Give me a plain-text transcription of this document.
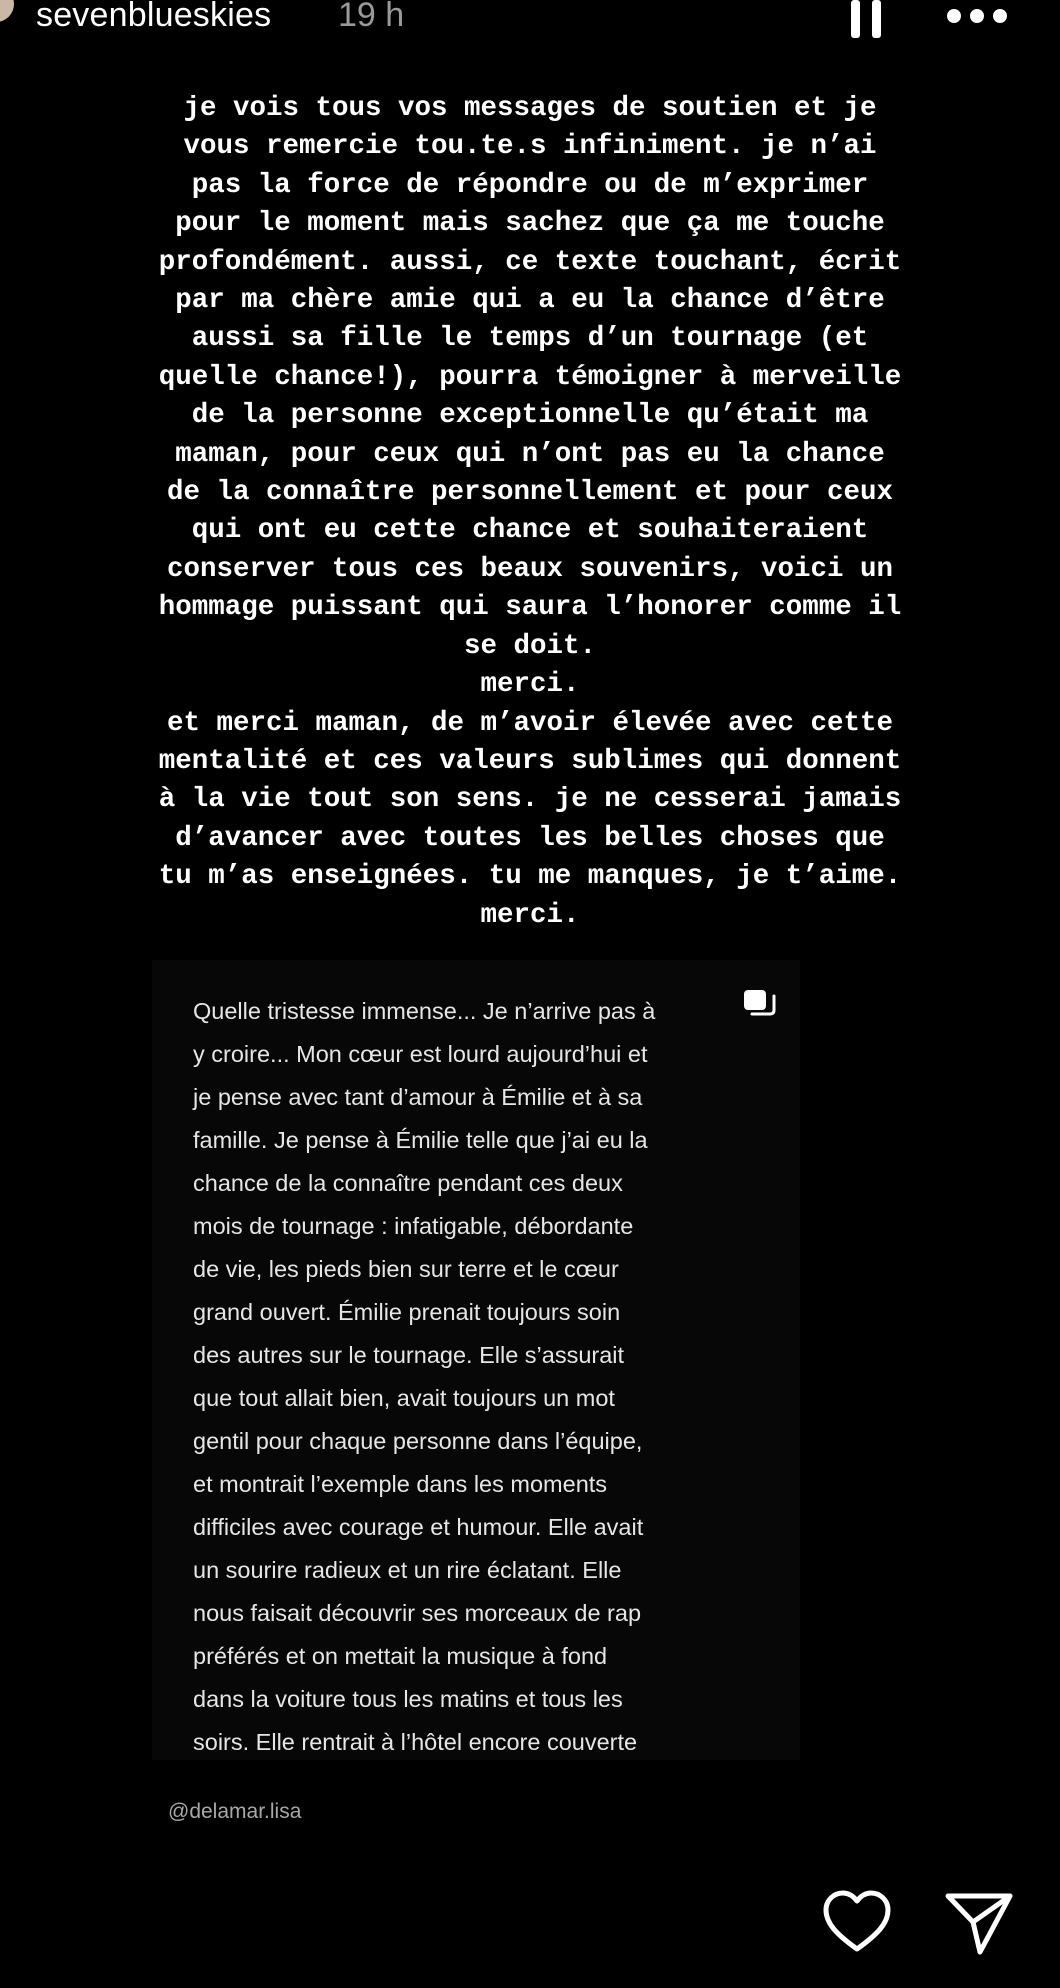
sevenblueskies 19 h
je vois tous vos messages de soutien et je
vous remercie tou.te.s infiniment. je n’ai
pas la force de répondre ou de m’exprimer
pour le moment mais sachez que ça me touche
profondément. aussi, ce texte touchant, écrit
par ma chère amie qui a eu la chance d’être
aussi sa fille le temps d’un tournage (et
quelle chance!), pourra témoigner à merveille
de la personne exceptionnelle qu’était ma
maman, pour ceux qui n’ont pas eu la chance
de la connaître personnellement et pour ceux
qui ont eu cette chance et souhaiteraient
conserver tous ces beaux souvenirs, voici un
hommage puissant qui saura l’honorer comme il
se doit.
merci.
et merci maman, de m’avoir élevée avec cette
mentalité et ces valeurs sublimes qui donnent
à la vie tout son sens. je ne cesserai jamais
d’avancer avec toutes les belles choses que
tu m’as enseignées. tu me manques, je t’aime.
merci.
Quelle tristesse immense... Je n’arrive pas à
y croire... Mon cœur est lourd aujourd’hui et
je pense avec tant d’amour à Émilie et à sa
famille. Je pense à Émilie telle que j’ai eu la
chance de la connaître pendant ces deux
mois de tournage : infatigable, débordante
de vie, les pieds bien sur terre et le cœur
grand ouvert. Émilie prenait toujours soin
des autres sur le tournage. Elle s’assurait
que tout allait bien, avait toujours un mot
gentil pour chaque personne dans l’équipe,
et montrait l’exemple dans les moments
difficiles avec courage et humour. Elle avait
un sourire radieux et un rire éclatant. Elle
nous faisait découvrir ses morceaux de rap
préférés et on mettait la musique à fond
dans la voiture tous les matins et tous les
soirs. Elle rentrait à l’hôtel encore couverte
@delamar.lisa
